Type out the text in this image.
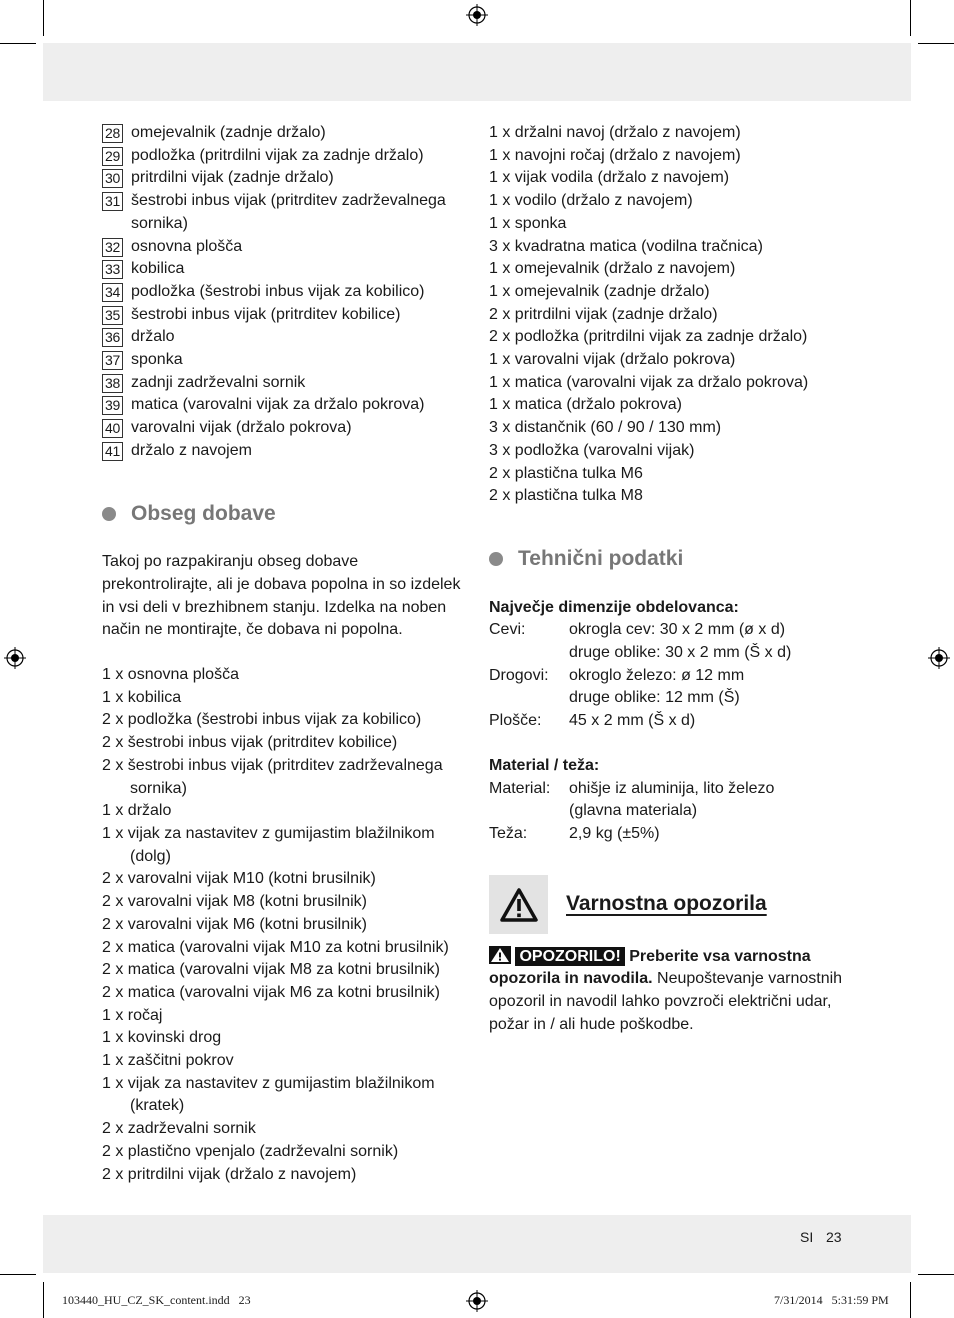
28 omejevalnik (zadnje držalo)
29 podložka (pritrdilni vijak za zadnje držalo)
30 pritrdilni vijak (zadnje držalo)
31 šestrobi inbus vijak (pritrditev zadrževalnega sornika)
32 osnovna plošča
33 kobilica
34 podložka (šestrobi inbus vijak za kobilico)
35 šestrobi inbus vijak (pritrditev kobilice)
36 držalo
37 sponka
38 zadnji zadrževalni sornik
39 matica (varovalni vijak za držalo pokrova)
40 varovalni vijak (držalo pokrova)
41 držalo z navojem
Obseg dobave

Takoj po razpakiranju obseg dobave prekontrolirajte, ali je dobava popolna in so izdelek in vsi deli v brezhibnem stanju. Izdelka na noben način ne montirajte, če dobava ni popolna.

1 x osnovna plošča
1 x kobilica
2 x podložka (šestrobi inbus vijak za kobilico)
2 x šestrobi inbus vijak (pritrditev kobilice)
2 x šestrobi inbus vijak (pritrditev zadrževalnega sornika)
1 x držalo
1 x vijak za nastavitev z gumijastim blažilnikom (dolg)
2 x varovalni vijak M10 (kotni brusilnik)
2 x varovalni vijak M8 (kotni brusilnik)
2 x varovalni vijak M6 (kotni brusilnik)
2 x matica (varovalni vijak M10 za kotni brusilnik)
2 x matica (varovalni vijak M8 za kotni brusilnik)
2 x matica (varovalni vijak M6 za kotni brusilnik)
1 x ročaj
1 x kovinski drog
1 x zaščitni pokrov
1 x vijak za nastavitev z gumijastim blažilnikom (kratek)
2 x zadrževalni sornik
2 x plastično vpenjalo (zadrževalni sornik)
2 x pritrdilni vijak (držalo z navojem)
1 x držalni navoj (držalo z navojem)
1 x navojni ročaj (držalo z navojem)
1 x vijak vodila (držalo z navojem)
1 x vodilo (držalo z navojem)
1 x sponka
3 x kvadratna matica (vodilna tračnica)
1 x omejevalnik (držalo z navojem)
1 x omejevalnik (zadnje držalo)
2 x pritrdilni vijak (zadnje držalo)
2 x podložka (pritrdilni vijak za zadnje držalo)
1 x varovalni vijak (držalo pokrova)
1 x matica (varovalni vijak za držalo pokrova)
1 x matica (držalo pokrova)
3 x distančnik (60 / 90 / 130 mm)
3 x podložka (varovalni vijak)
2 x plastična tulka M6
2 x plastična tulka M8
Tehnični podatki
Največje dimenzije obdelovanca:
Cevi:	okrogla cev: 30 x 2 mm (ø x d)
druge oblike: 30 x 2 mm (Š x d)
Drogovi:	okroglo železo: ø 12 mm
druge oblike: 12 mm (Š)
Plošče:	45 x 2 mm (Š x d)
Material / teža:
Material:	ohišje iz aluminija, lito železo
(glavna materiala)
Teža:	2,9 kg (±5%)
Varnostna opozorila

OPOZORILO! Preberite vsa varnostna opozorila in navodila. Neupoštevanje varnostnih opozoril in navodil lahko povzroči električni udar, požar in / ali hude poškodbe.

SI 23
103440_HU_CZ_SK_content.indd   23	7/31/2014   5:31:59 PM
